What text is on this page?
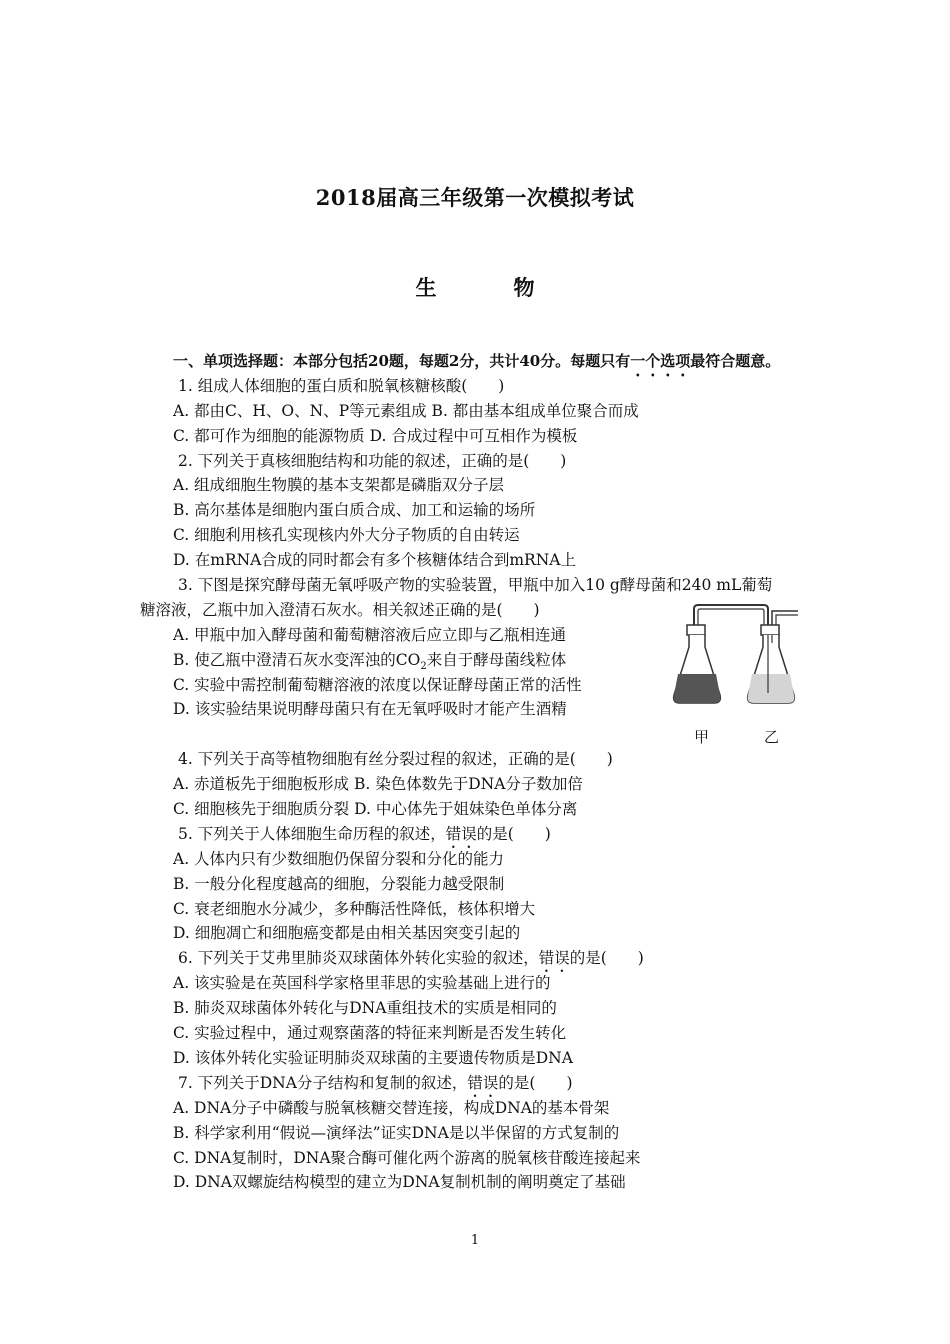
2018届高三年级第一次模拟考试
生　物
一、单项选择题：本部分包括20题，每题2分，共计40分。每题只有一个选项最符合题意。
1. 组成人体细胞的蛋白质和脱氧核糖核酸(　　)
A. 都由C、H、O、N、P等元素组成 B. 都由基本组成单位聚合而成
C. 都可作为细胞的能源物质 D. 合成过程中可互相作为模板
2. 下列关于真核细胞结构和功能的叙述，正确的是(　　)
A. 组成细胞生物膜的基本支架都是磷脂双分子层
B. 高尔基体是细胞内蛋白质合成、加工和运输的场所
C. 细胞利用核孔实现核内外大分子物质的自由转运
D. 在mRNA合成的同时都会有多个核糖体结合到mRNA上
3. 下图是探究酵母菌无氧呼吸产物的实验装置，甲瓶中加入10 g酵母菌和240 mL葡萄
糖溶液，乙瓶中加入澄清石灰水。相关叙述正确的是(　　)
A. 甲瓶中加入酵母菌和葡萄糖溶液后应立即与乙瓶相连通
B. 使乙瓶中澄清石灰水变浑浊的$CO_2$来自于酵母菌线粒体
C. 实验中需控制葡萄糖溶液的浓度以保证酵母菌正常的活性
D. 该实验结果说明酵母菌只有在无氧呼吸时才能产生酒精
4. 下列关于高等植物细胞有丝分裂过程的叙述，正确的是(　　)
A. 赤道板先于细胞板形成 B. 染色体数先于DNA分子数加倍
C. 细胞核先于细胞质分裂 D. 中心体先于姐妹染色单体分离
5. 下列关于人体细胞生命历程的叙述，错误的是(　　)
A. 人体内只有少数细胞仍保留分裂和分化的能力
B. 一般分化程度越高的细胞，分裂能力越受限制
C. 衰老细胞水分减少，多种酶活性降低，核体积增大
D. 细胞凋亡和细胞癌变都是由相关基因突变引起的
6. 下列关于艾弗里肺炎双球菌体外转化实验的叙述，错误的是(　　)
A. 该实验是在英国科学家格里菲思的实验基础上进行的
B. 肺炎双球菌体外转化与DNA重组技术的实质是相同的
C. 实验过程中，通过观察菌落的特征来判断是否发生转化
D. 该体外转化实验证明肺炎双球菌的主要遗传物质是DNA
7. 下列关于DNA分子结构和复制的叙述，错误的是(　　)
A. DNA分子中磷酸与脱氧核糖交替连接，构成DNA的基本骨架
B. 科学家利用“假说—演绎法”证实DNA是以半保留的方式复制的
C. DNA复制时，DNA聚合酶可催化两个游离的脱氧核苷酸连接起来
D. DNA双螺旋结构模型的建立为DNA复制机制的阐明奠定了基础
甲	乙
1
